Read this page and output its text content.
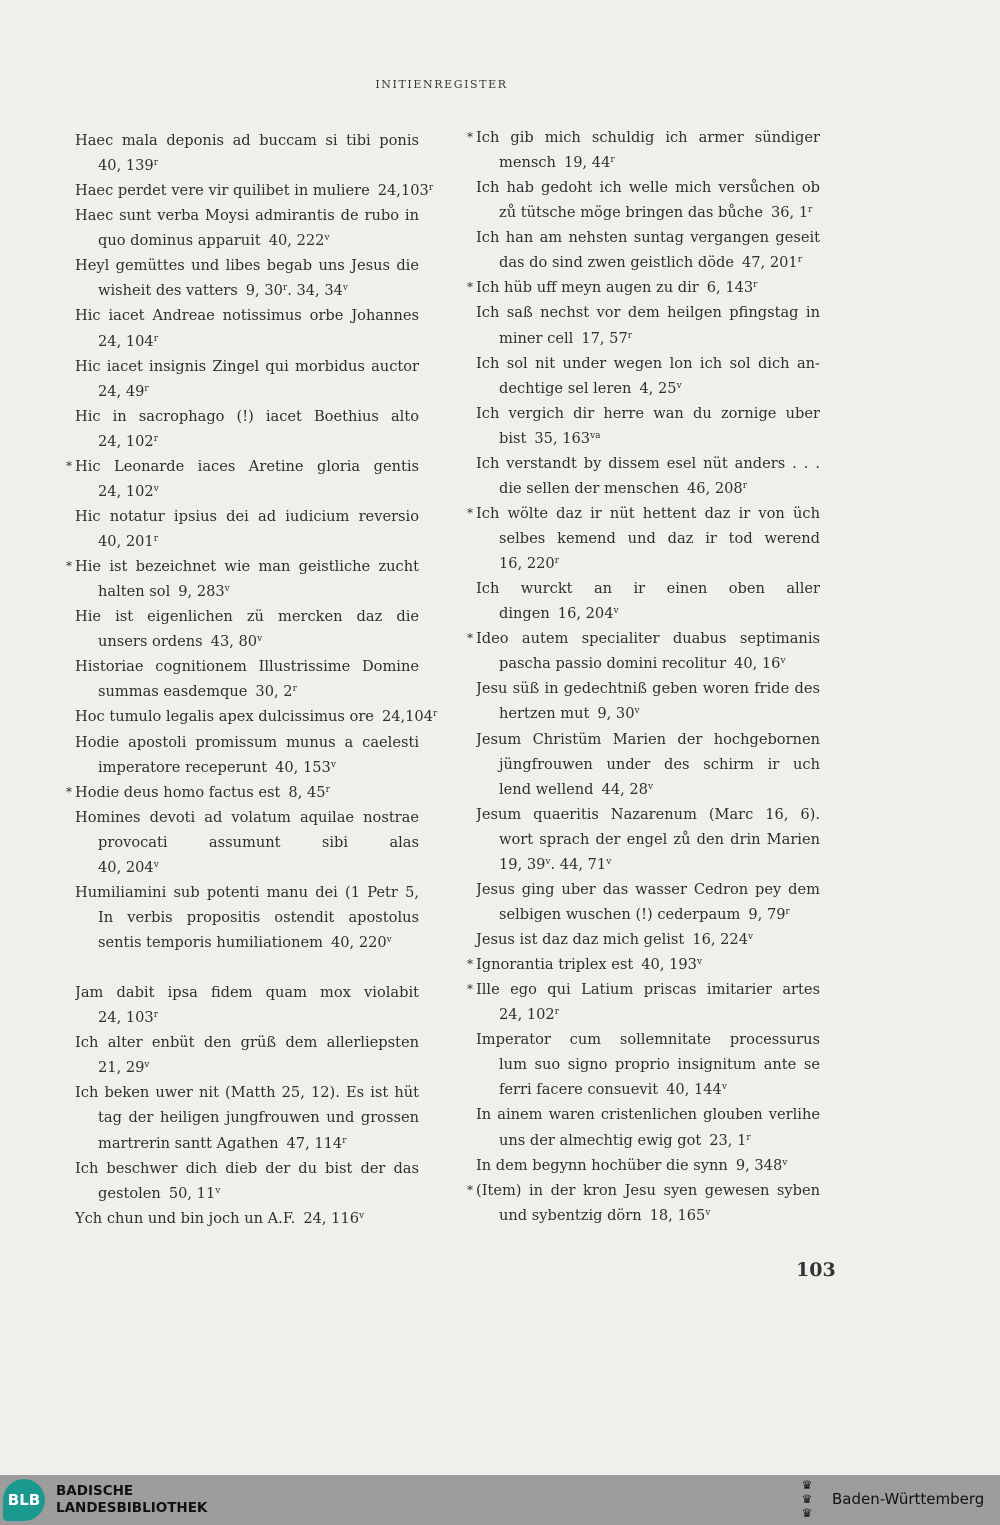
INITIENREGISTER
Haec mala deponis ad buccam si tibi ponis
40, 139$^r$
Haec perdet vere vir quilibet in muliere 24,103$^r$
Haec sunt verba Moysi admirantis de rubo in
quo dominus apparuit 40, 222$^v$
Heyl gemüttes und libes begab uns Jesus die
wisheit des vatters 9, 30$^r$. 34, 34$^v$
Hic iacet Andreae notissimus orbe Johannes
24, 104$^r$
Hic iacet insignis Zingel qui morbidus auctor
24, 49$^r$
Hic in sacrophago (!) iacet Boethius alto
24, 102$^r$
* Hic Leonarde iaces Aretine gloria gentis
24, 102$^v$
Hic notatur ipsius dei ad iudicium reversio
40, 201$^r$
* Hie ist bezeichnet wie man geistliche zucht
halten sol 9, 283$^v$
Hie ist eigenlichen zü mercken daz die
unsers ordens 43, 80$^v$
Historiae cognitionem Illustrissime Domine
summas easdemque 30, 2$^r$
Hoc tumulo legalis apex dulcissimus ore 24,104$^r$
Hodie apostoli promissum munus a caelesti
imperatore receperunt 40, 153$^v$
* Hodie deus homo factus est 8, 45$^r$
Homines devoti ad volatum aquilae nostrae
provocati assumunt sibi alas
40, 204$^v$
Humiliamini sub potenti manu dei (1 Petr 5,
In verbis propositis ostendit apostolus
sentis temporis humiliationem 40, 220$^v$
Jam dabit ipsa fidem quam mox violabit
24, 103$^r$
Ich alter enbüt den grüß dem allerliepsten
21, 29$^v$
Ich beken uwer nit (Matth 25, 12). Es ist hüt
tag der heiligen jungfrouwen und grossen
martrerin santt Agathen 47, 114$^r$
Ich beschwer dich dieb der du bist der das
gestolen 50, 11$^v$
Ych chun und bin joch un A.F. 24, 116$^v$
* Ich gib mich schuldig ich armer sündiger
mensch 19, 44$^r$
Ich hab gedoht ich welle mich versůchen ob
zů tütsche möge bringen das bůche 36, 1$^r$
Ich han am nehsten suntag vergangen geseit
das do sind zwen geistlich döde 47, 201$^r$
* Ich hüb uff meyn augen zu dir 6, 143$^r$
Ich saß nechst vor dem heilgen pfingstag in
miner cell 17, 57$^r$
Ich sol nit under wegen lon ich sol dich an-
dechtige sel leren 4, 25$^v$
Ich vergich dir herre wan du zornige uber
bist 35, $163^{va}$
Ich verstandt by dissem esel nüt anders . . .
die sellen der menschen 46, 208$^r$
* Ich wölte daz ir nüt hettent daz ir von üch
selbes kemend und daz ir tod werend
16, 220$^r$
Ich wurckt an ir einen oben aller
dingen 16, 204$^v$
* Ideo autem specialiter duabus septimanis
pascha passio domini recolitur 40, 16$^v$
Jesu süß in gedechtniß geben woren fride des
hertzen mut 9, 30$^v$
Jesum Christüm Marien der hochgebornen
jüngfrouwen under des schirm ir uch
lend wellend 44, 28$^v$
Jesum quaeritis Nazarenum (Marc 16, 6).
wort sprach der engel zů den drin Marien
19, 39$^v$. 44, 71$^v$
Jesus ging uber das wasser Cedron pey dem
selbigen wuschen (!) cederpaum 9, 79$^r$
Jesus ist daz daz mich gelist 16, 224$^v$
* Ignorantia triplex est 40, 193$^v$
* Ille ego qui Latium priscas imitarier artes
24, 102$^r$
Imperator cum sollemnitate processurus
lum suo signo proprio insignitum ante se
ferri facere consuevit 40, 144$^v$
In ainem waren cristenlichen glouben verlihe
uns der almechtig ewig got 23, 1$^r$
In dem begynn hochüber die synn 9, 348$^v$
* (Item) in der kron Jesu syen gewesen syben
und sybentzig dörn 18, 165$^v$
103
BLB	BADISCHE
LANDESBIBLIOTHEK
♛
♛
♛
Baden-Württemberg
